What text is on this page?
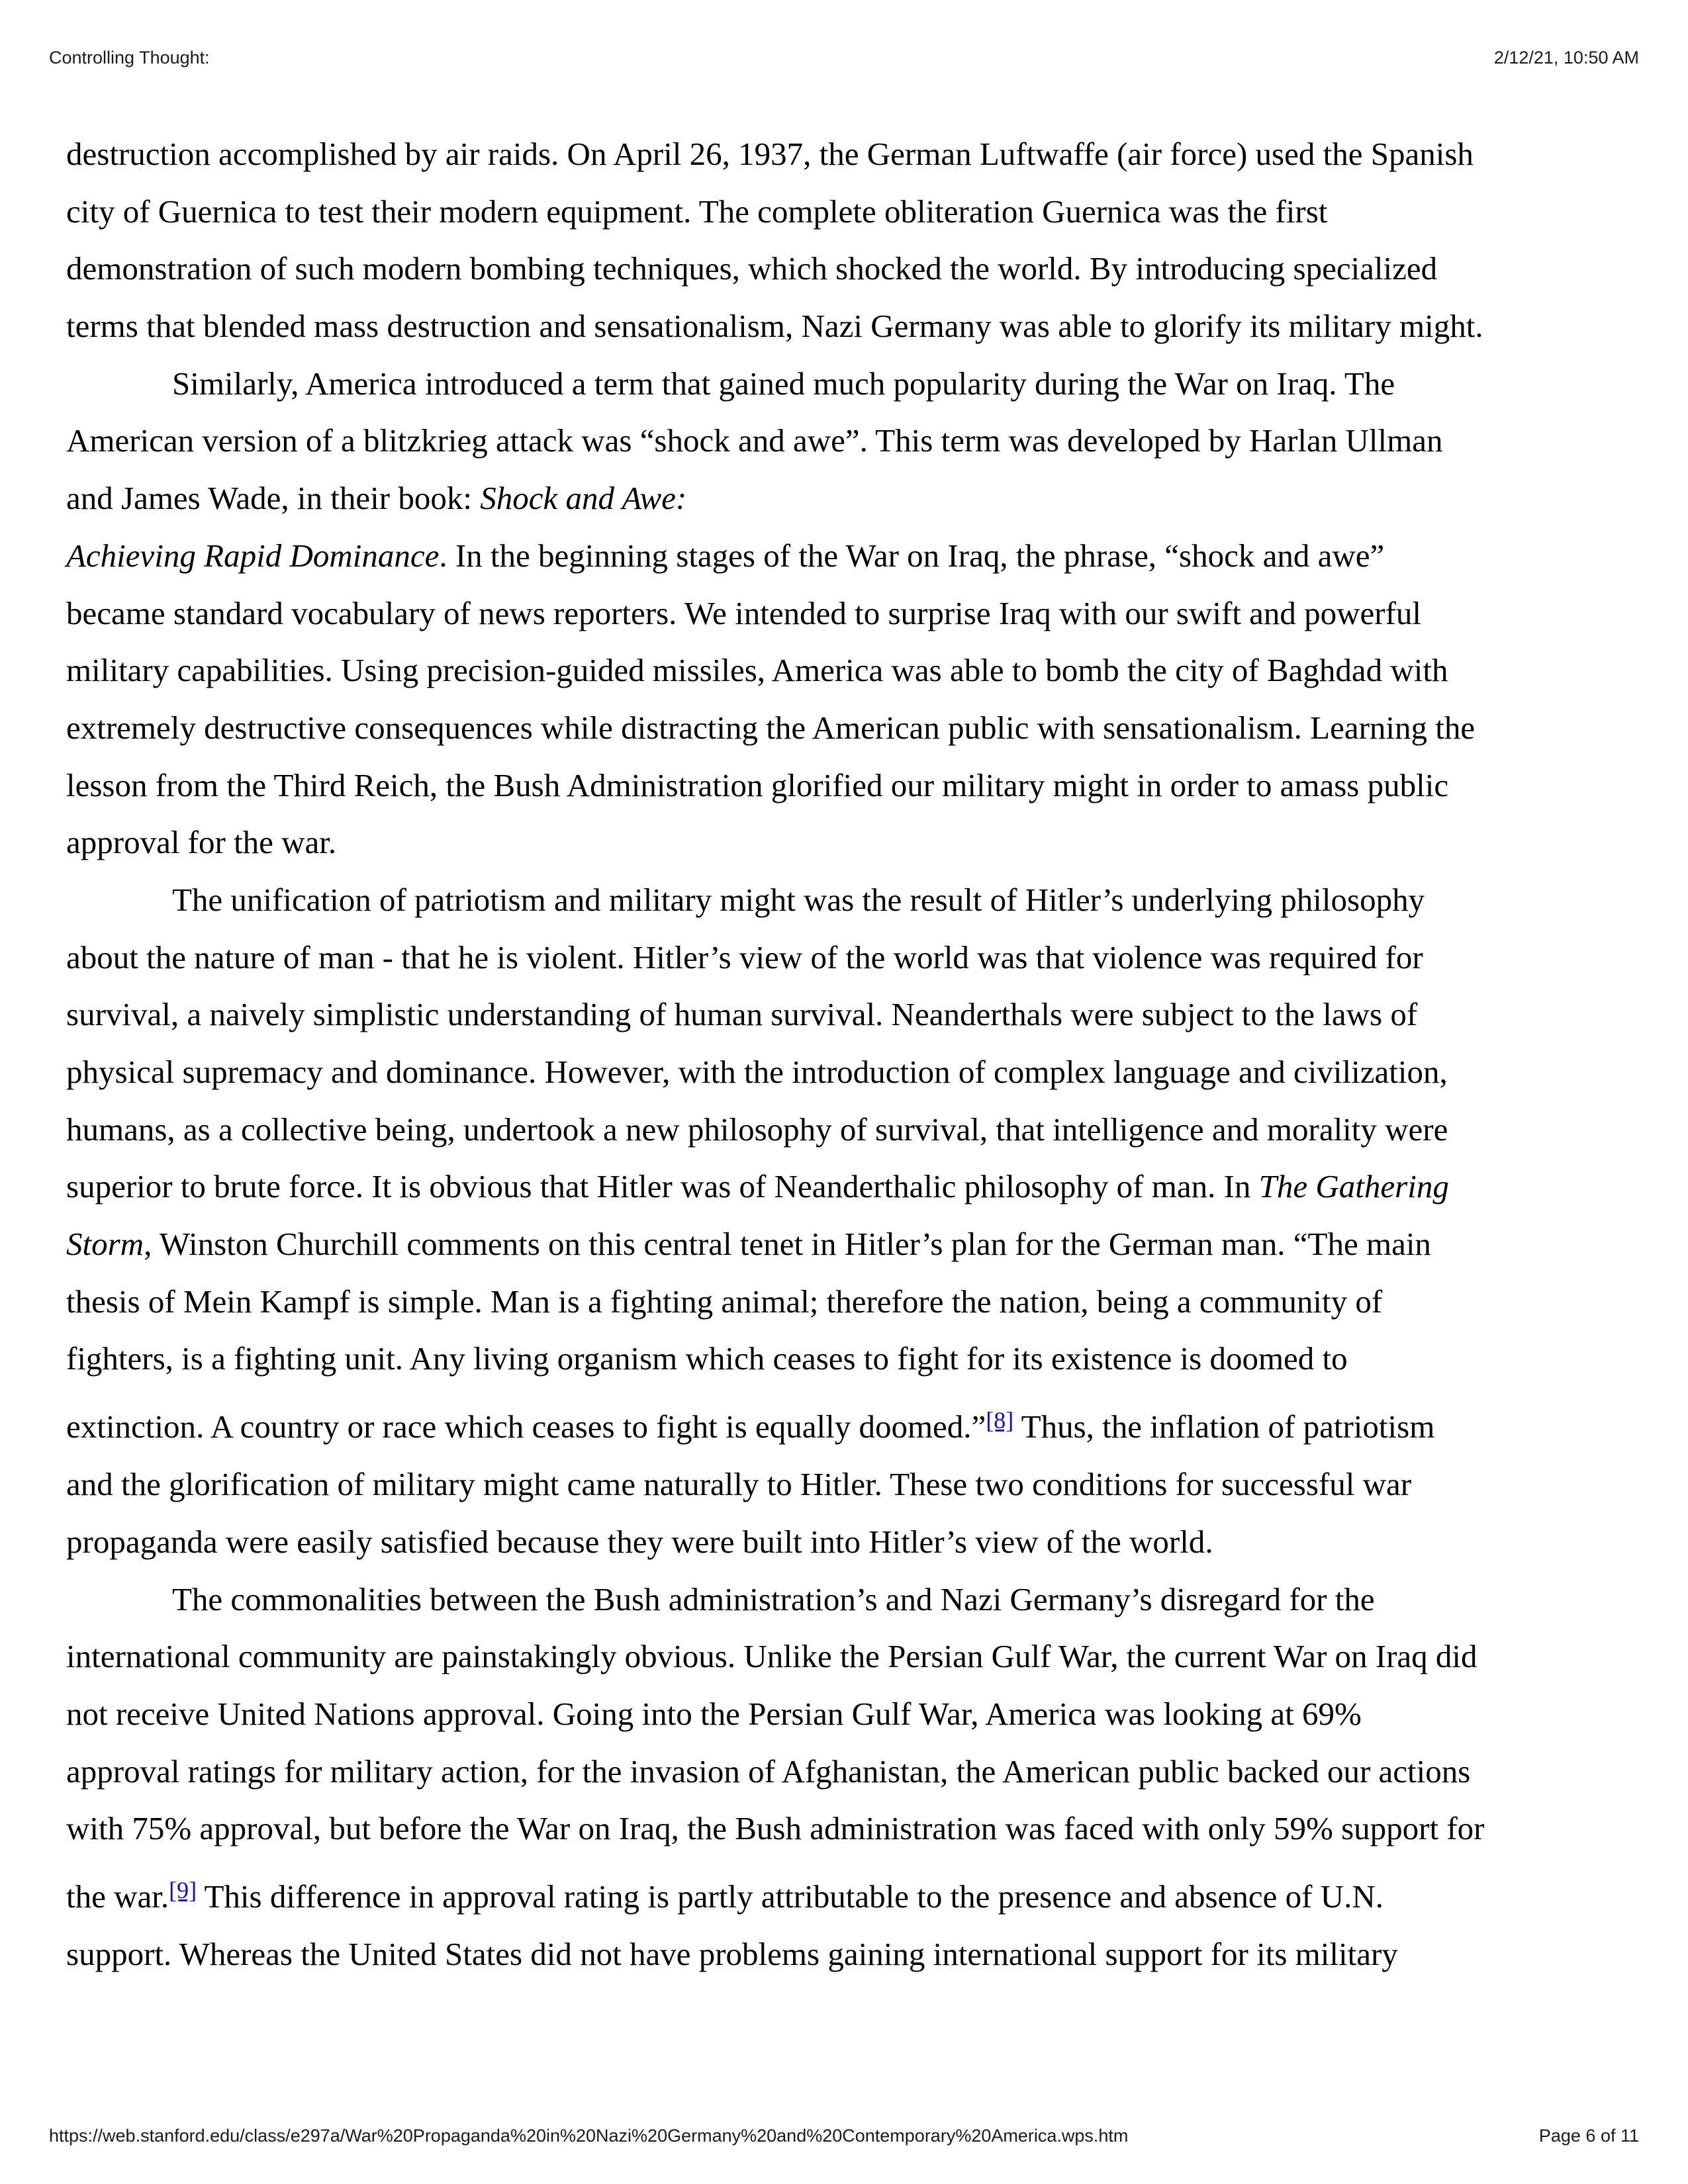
Controlling Thought:	2/12/21, 10:50 AM
destruction accomplished by air raids. On April 26, 1937, the German Luftwaffe (air force) used the Spanish
city of Guernica to test their modern equipment. The complete obliteration Guernica was the first
demonstration of such modern bombing techniques, which shocked the world. By introducing specialized
terms that blended mass destruction and sensationalism, Nazi Germany was able to glorify its military might.
Similarly, America introduced a term that gained much popularity during the War on Iraq. The
American version of a blitzkrieg attack was “shock and awe”. This term was developed by Harlan Ullman
and James Wade, in their book: Shock and Awe:
Achieving Rapid Dominance. In the beginning stages of the War on Iraq, the phrase, “shock and awe”
became standard vocabulary of news reporters. We intended to surprise Iraq with our swift and powerful
military capabilities. Using precision-guided missiles, America was able to bomb the city of Baghdad with
extremely destructive consequences while distracting the American public with sensationalism. Learning the
lesson from the Third Reich, the Bush Administration glorified our military might in order to amass public
approval for the war.
The unification of patriotism and military might was the result of Hitler’s underlying philosophy
about the nature of man - that he is violent. Hitler’s view of the world was that violence was required for
survival, a naively simplistic understanding of human survival. Neanderthals were subject to the laws of
physical supremacy and dominance. However, with the introduction of complex language and civilization,
humans, as a collective being, undertook a new philosophy of survival, that intelligence and morality were
superior to brute force. It is obvious that Hitler was of Neanderthalic philosophy of man. In The Gathering
Storm, Winston Churchill comments on this central tenet in Hitler’s plan for the German man. “The main
thesis of Mein Kampf is simple. Man is a fighting animal; therefore the nation, being a community of
fighters, is a fighting unit. Any living organism which ceases to fight for its existence is doomed to
extinction. A country or race which ceases to fight is equally doomed.”[8] Thus, the inflation of patriotism
and the glorification of military might came naturally to Hitler. These two conditions for successful war
propaganda were easily satisfied because they were built into Hitler’s view of the world.
The commonalities between the Bush administration’s and Nazi Germany’s disregard for the
international community are painstakingly obvious. Unlike the Persian Gulf War, the current War on Iraq did
not receive United Nations approval. Going into the Persian Gulf War, America was looking at 69%
approval ratings for military action, for the invasion of Afghanistan, the American public backed our actions
with 75% approval, but before the War on Iraq, the Bush administration was faced with only 59% support for
the war.[9] This difference in approval rating is partly attributable to the presence and absence of U.N.
support. Whereas the United States did not have problems gaining international support for its military
https://web.stanford.edu/class/e297a/War%20Propaganda%20in%20Nazi%20Germany%20and%20Contemporary%20America.wps.htm	Page 6 of 11
